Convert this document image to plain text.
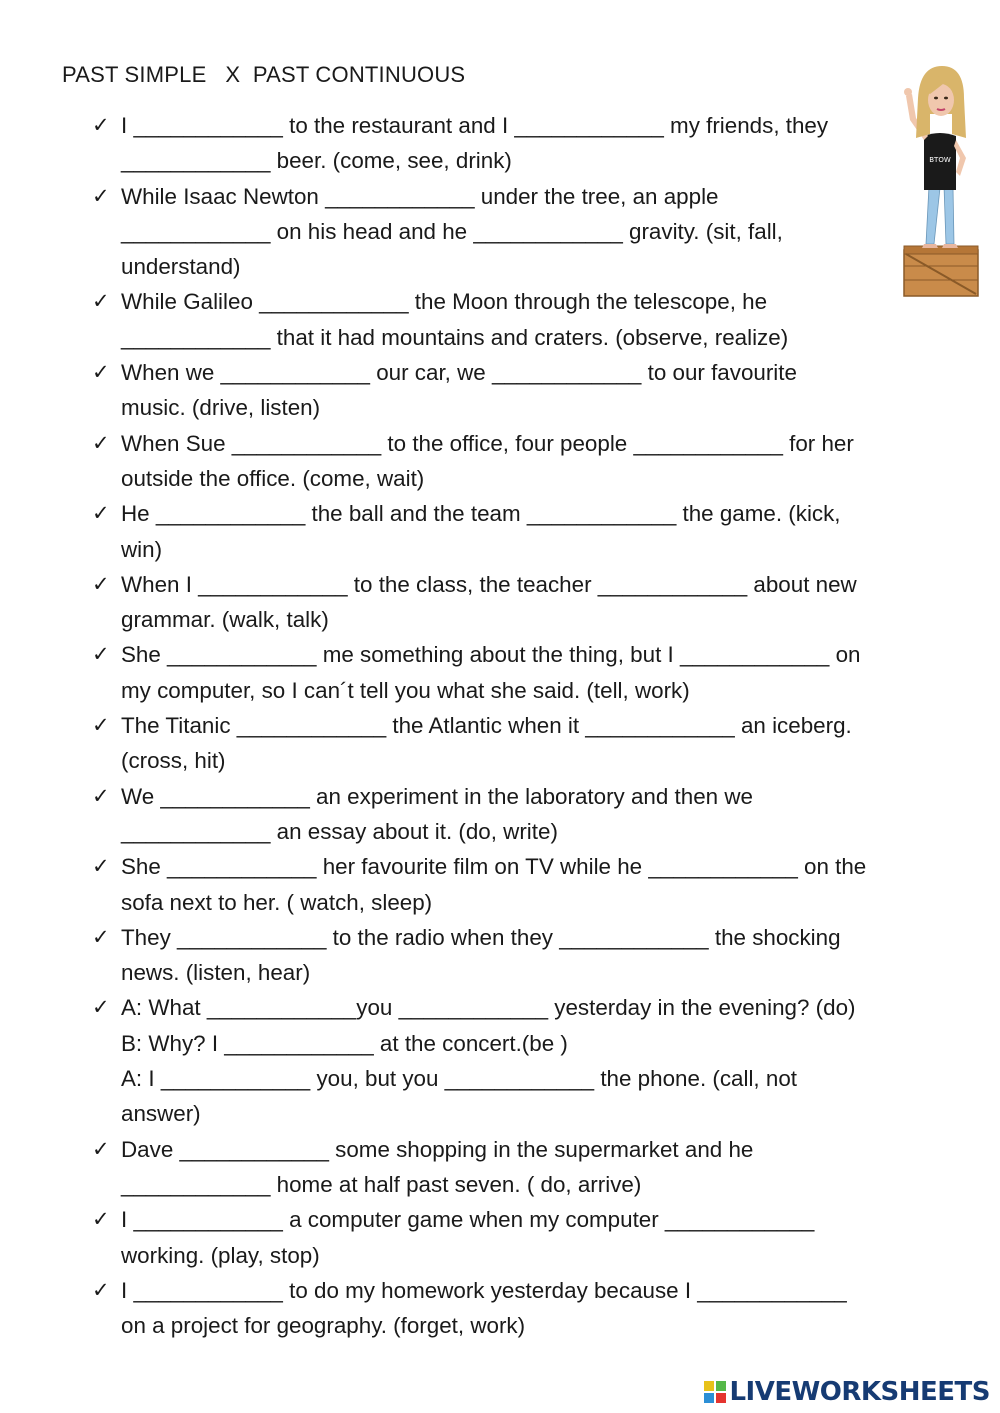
PAST SIMPLE   X  PAST CONTINUOUS
✓ I ____________ to the restaurant and I ____________ my friends, they
____________ beer. (come, see, drink)
✓ While Isaac Newton ____________ under the tree, an apple
____________ on his head and he ____________ gravity. (sit, fall,
understand)
✓ While Galileo ____________ the Moon through the telescope, he
____________ that it had mountains and craters. (observe, realize)
✓ When we ____________ our car, we ____________ to our favourite
music. (drive, listen)
✓ When Sue ____________ to the office, four people ____________ for her
outside the office. (come, wait)
✓ He ____________ the ball and the team ____________ the game. (kick,
win)
✓ When I ____________ to the class, the teacher ____________ about new
grammar. (walk, talk)
✓ She ____________ me something about the thing, but I ____________ on
my computer, so I can´t tell you what she said. (tell, work)
✓ The Titanic ____________ the Atlantic when it ____________ an iceberg.
(cross, hit)
✓ We ____________ an experiment in the laboratory and then we
____________ an essay about it. (do, write)
✓ She ____________ her favourite film on TV while he ____________ on the
sofa next to her. ( watch, sleep)
✓ They ____________ to the radio when they ____________ the shocking
news. (listen, hear)
✓ A: What ____________you ____________ yesterday in the evening? (do)
B: Why? I ____________ at the concert.(be )
A: I ____________ you, but you ____________ the phone. (call, not
answer)
✓ Dave ____________ some shopping in the supermarket and he
____________ home at half past seven. ( do, arrive)
✓ I ____________ a computer game when my computer ____________
working. (play, stop)
✓ I ____________ to do my homework yesterday because I ____________
on a project for geography. (forget, work)
BTOW
LIVEWORKSHEETS
